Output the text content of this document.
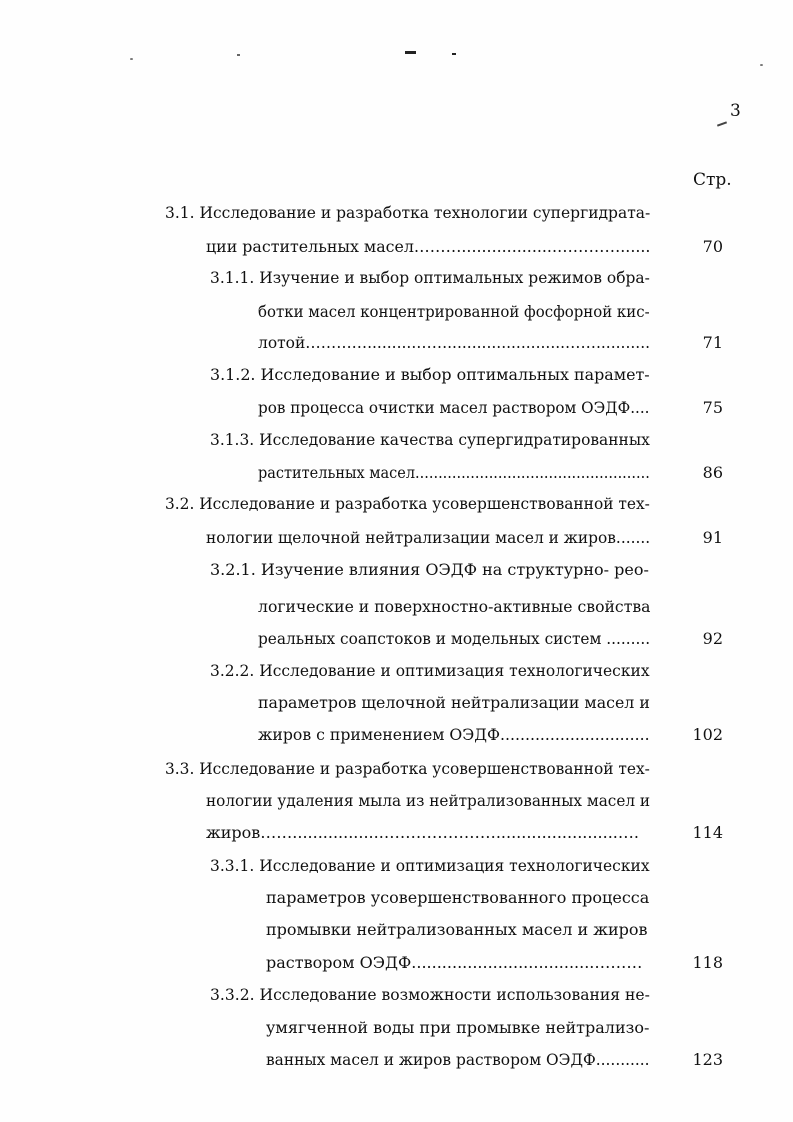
3
Стр.
3.1. Исследование и разработка технологии супергидрата-
ции растительных масел………...................…………......	70
3.1.1. Изучение и выбор оптимальных режимов обра-
ботки масел концентрированной фосфорной кис-
лотой…………..........……........................……...........	71
3.1.2. Исследование и выбор оптимальных парамет-
ров процесса очистки масел раствором ОЭДФ....	75
3.1.3. Исследование качества супергидратированных
растительных масел...................................................	86
3.2. Исследование и разработка усовершенствованной тех-
нологии щелочной нейтрализации масел и жиров.......	91
3.2.1. Изучение влияния ОЭДФ на структурно- рео-
логические и поверхностно-активные свойства
реальных соапстоков и модельных систем .........	92
3.2.2. Исследование и оптимизация технологических
параметров щелочной нейтрализации масел и
жиров с применением ОЭДФ..............................	102
3.3. Исследование и разработка усовершенствованной тех-
нологии удаления мыла из нейтрализованных масел и
жиров……..................…………………........................….	114
3.3.1. Исследование и оптимизация технологических
параметров усовершенствованного процесса
промывки нейтрализованных масел и жиров
раствором ОЭДФ....................................………	118
3.3.2. Исследование возможности использования не-
умягченной воды при промывке нейтрализо-
ванных масел и жиров раствором ОЭДФ...........	123
